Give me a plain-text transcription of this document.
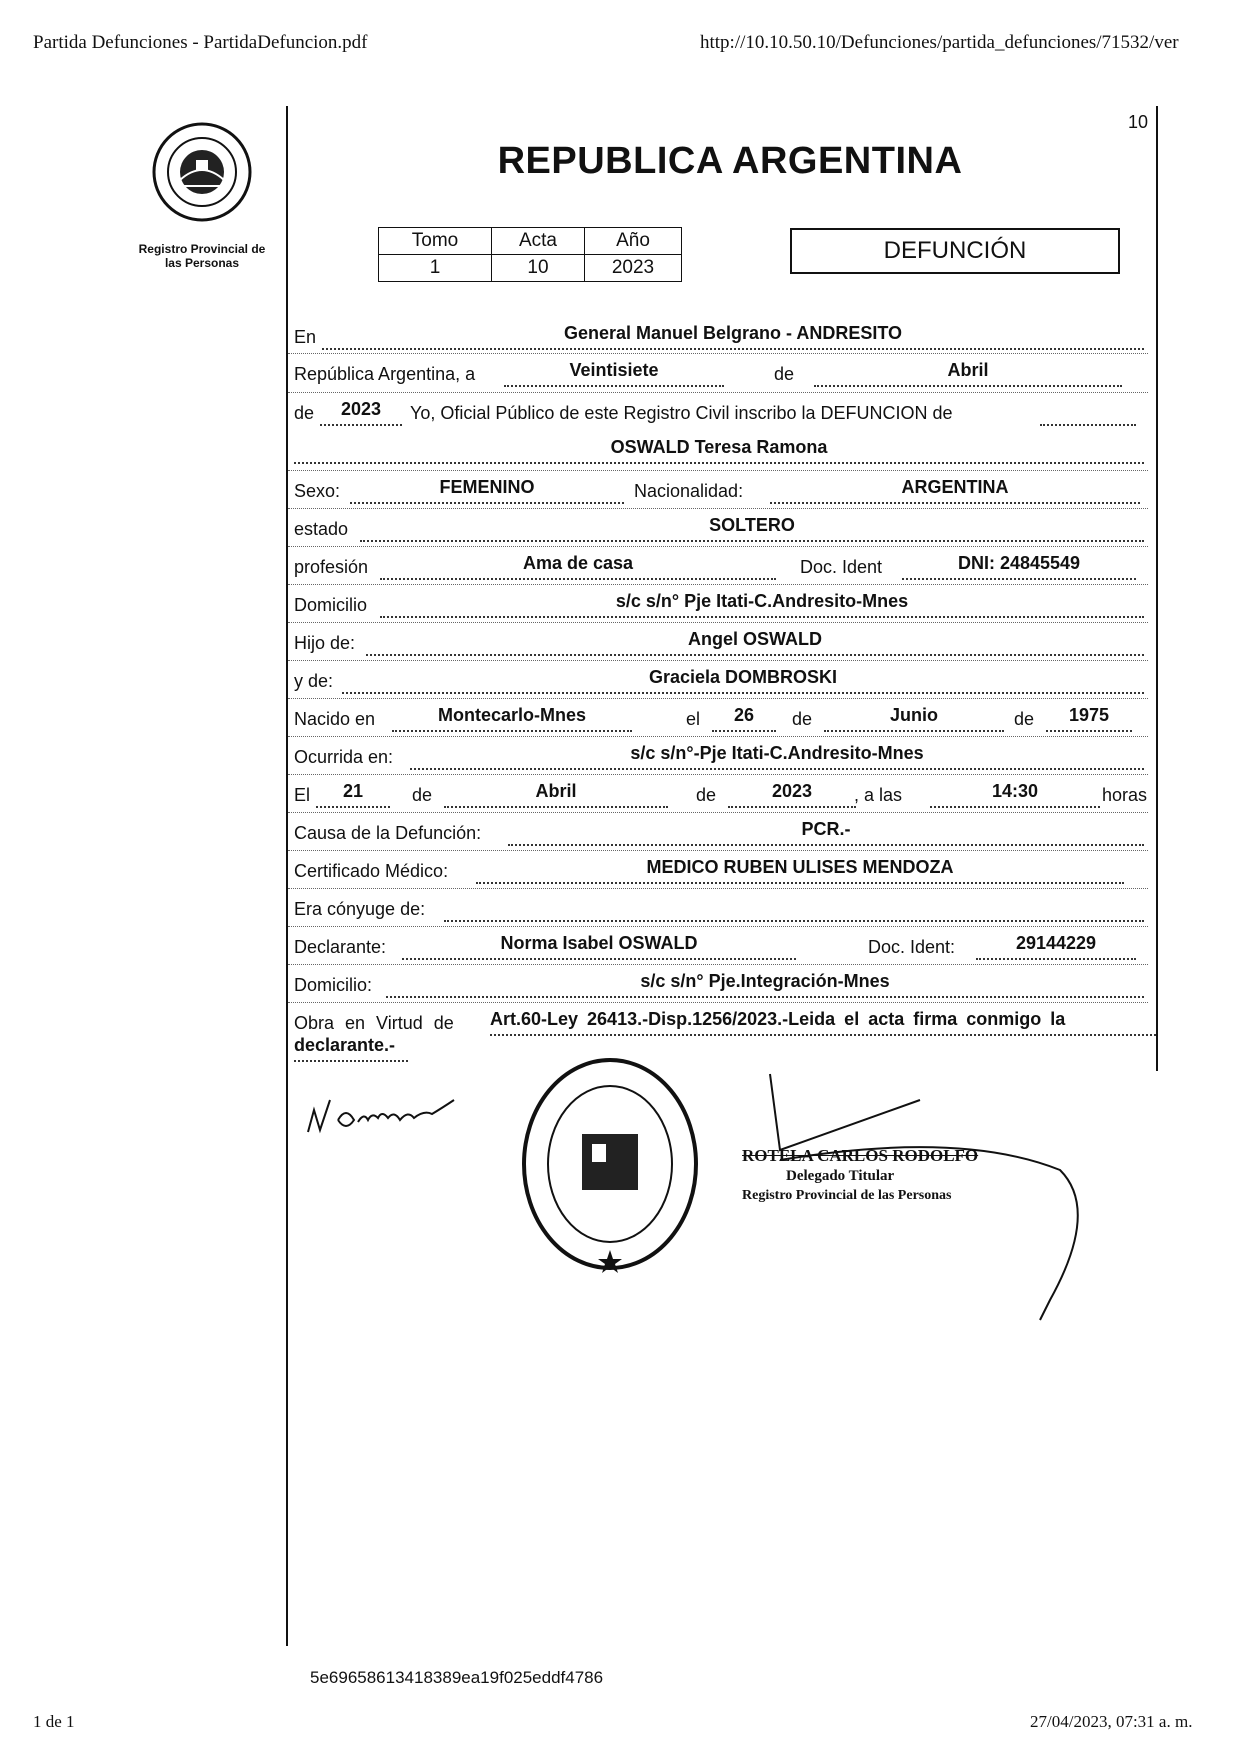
Partida Defunciones - PartidaDefuncion.pdf	http://10.10.50.10/Defunciones/partida_defunciones/71532/ver
10
Registro Provincial de
las Personas
REPUBLICA ARGENTINA
Tomo	Acta	Año
1	10	2023
DEFUNCIÓN
En	General Manuel Belgrano - ANDRESITO
República Argentina, a	Veintisiete	de	Abril
de	2023	Yo, Oficial Público de este Registro Civil inscribo la DEFUNCION de
OSWALD Teresa Ramona
Sexo:	FEMENINO	Nacionalidad:	ARGENTINA
estado	SOLTERO
profesión	Ama de casa	Doc. Ident	DNI: 24845549
Domicilio	s/c s/n° Pje Itati-C.Andresito-Mnes
Hijo de:	Angel OSWALD
y de:	Graciela DOMBROSKI
Nacido en	Montecarlo-Mnes	el	26	de	Junio	de	1975
Ocurrida en:	s/c s/n°-Pje Itati-C.Andresito-Mnes
El	21	de	Abril	de	2023	, a las	14:30	horas
Causa de la Defunción:	PCR.-
Certificado Médico:	MEDICO RUBEN ULISES MENDOZA
Era cónyuge de:
Declarante:	Norma Isabel OSWALD	Doc. Ident:	29144229
Domicilio:	s/c s/n° Pje.Integración-Mnes
Obra en Virtud de Art.60-Ley 26413.-Disp.1256/2023.-Leida el acta firma conmigo la
declarante.-
ROTELA CARLOS RODOLFO
Delegado Titular
Registro Provincial de las Personas
5e69658613418389ea19f025eddf4786
1 de 1	27/04/2023, 07:31 a. m.
